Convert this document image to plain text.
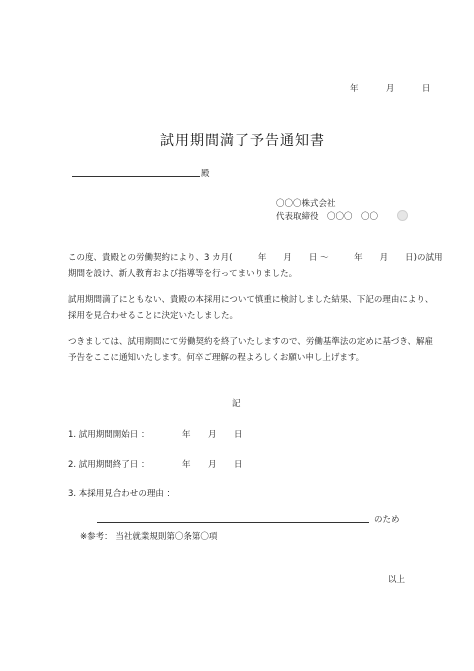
年	月	日
試用期間満了予告通知書
殿
〇〇〇株式会社
代表取締役　〇〇〇　〇〇
この度、貴殿との労働契約により、3 カ月(　　　年　　月　　日 ～　　　年　　月　　日)の試用
期間を設け、新人教育および指導等を行ってまいりました。
試用期間満了にともない、貴殿の本採用について慎重に検討しました結果、下記の理由により、
採用を見合わせることに決定いたしました。
つきましては、試用期間にて労働契約を終了いたしますので、労働基準法の定めに基づき、解雇
予告をここに通知いたします。何卒ご理解の程よろしくお願い申し上げます。
記
1. 試用期間開始日 ：	年 月 日
2. 試用期間終了日 ：	年 月 日
3. 本採用見合わせの理由 ：
のため
※参考： 当社就業規則第〇条第〇項
以上
